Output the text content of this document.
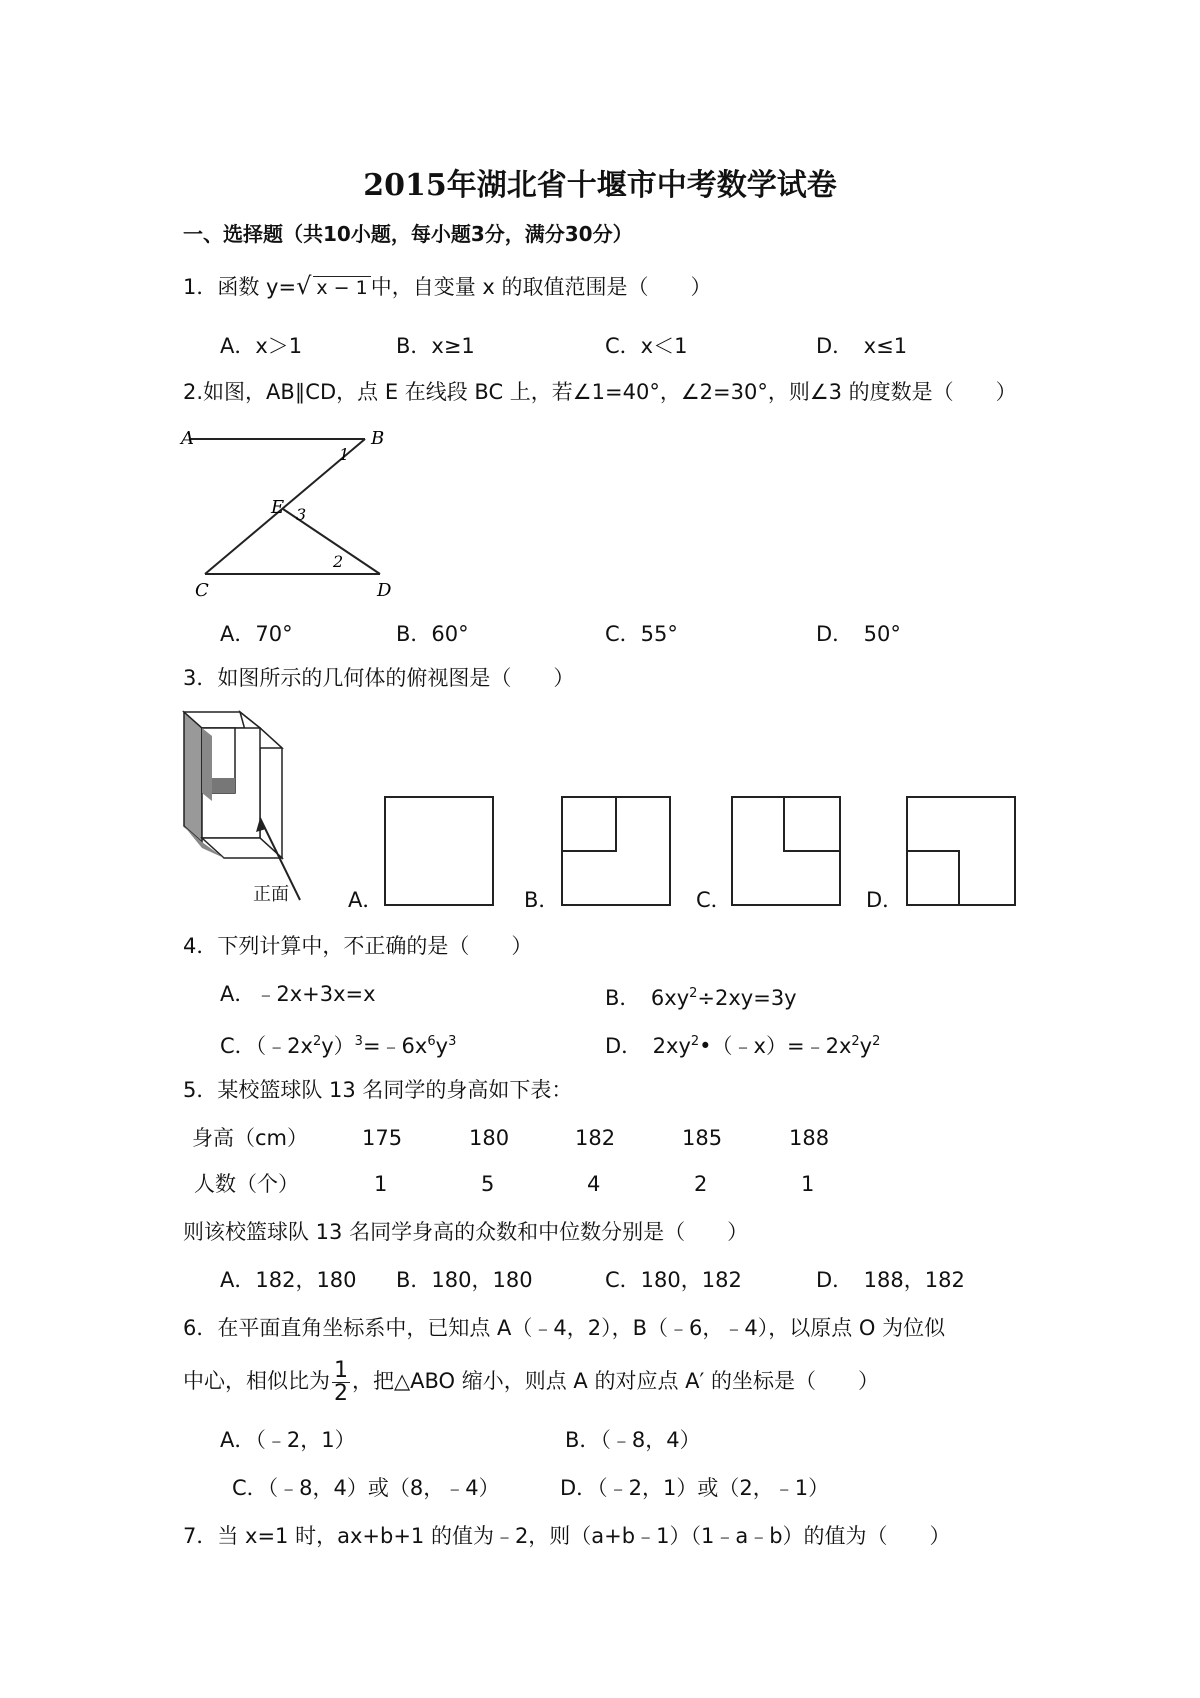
2015年湖北省十堰市中考数学试卷
一、选择题（共10小题，每小题3分，满分30分）
1．函数 y=√ x − 1 中，自变量 x 的取值范围是（　　）
A．x＞1	B．x≥1	C．x＜1	D．　x≤1
2.如图，AB∥CD，点 E 在线段 BC 上，若∠1=40°，∠2=30°，则∠3 的度数是（　　）
A	B
1
E 3
2
C	D
A．70°	B．60°	C．55°	D．　50°
3．如图所示的几何体的俯视图是（　　）
正面	A．	B．	C．	D．
4．下列计算中，不正确的是（　　）
A．﹣2x+3x=x	B．　$6xy^2\div 2xy=3y$
C．$(﹣2x^2y)^3=﹣6x^6y^3$	D．　$2xy^2•(﹣x)=﹣2x^2y^2$
5．某校篮球队 13 名同学的身高如下表：
身高（cm）	175	180	182	185	188
人数（个）	1	5	4	2	1
则该校篮球队 13 名同学身高的众数和中位数分别是（　　）
A．182，180 B．180，180	C．180，182	D．　188，182
6．在平面直角坐标系中，已知点 A（﹣4，2），B（﹣6，﹣4），以原点 O 为位似
中心，相似比为 $\frac{1}{2}$ ，把△ABO 缩小，则点 A 的对应点 A′ 的坐标是（　　）
A．（﹣2，1）	B．（﹣8，4）
C．（﹣8，4）或（8，﹣4）	D．（﹣2，1）或（2，﹣1）
7．当 x=1 时，ax+b+1 的值为﹣2，则（a+b﹣1）（1﹣a﹣b）的值为（　　）
